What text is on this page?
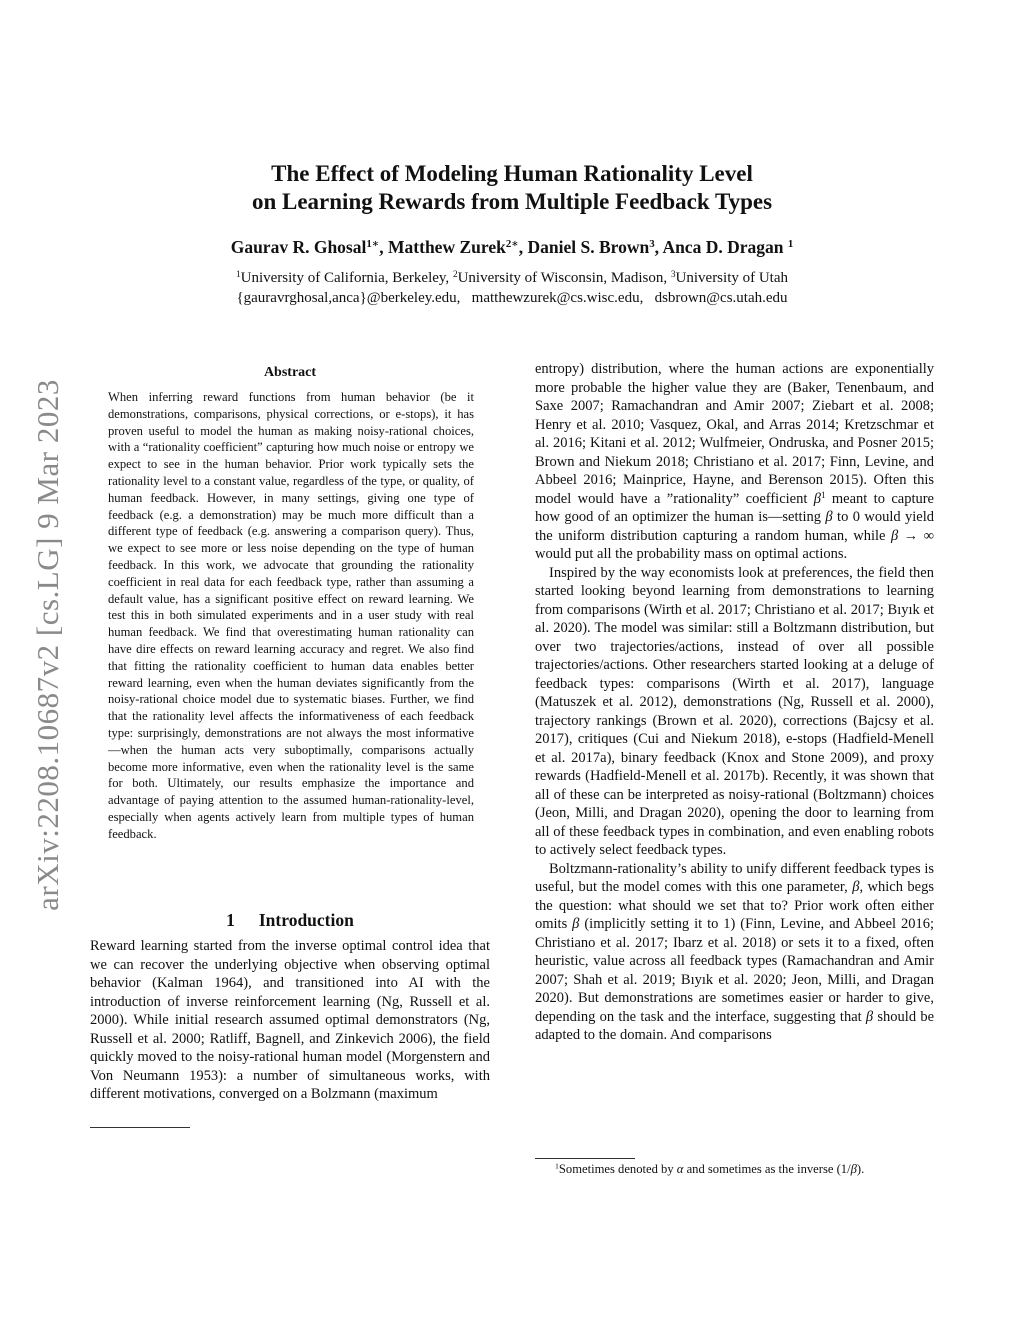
arXiv:2208.10687v2 [cs.LG] 9 Mar 2023
The Effect of Modeling Human Rationality Level
on Learning Rewards from Multiple Feedback Types
Gaurav R. Ghosal$^{1∗}$, Matthew Zurek$^{2∗}$, Daniel S. Brown$^3$, Anca D. Dragan $^1$
$^1$University of California, Berkeley, $^2$University of Wisconsin, Madison, $^3$University of Utah
{gauravrghosal,anca}@berkeley.edu,   matthewzurek@cs.wisc.edu,   dsbrown@cs.utah.edu
Abstract
When inferring reward functions from human behavior (be it demonstrations, comparisons, physical corrections, or e-stops), it has proven useful to model the human as making noisy-rational choices, with a “rationality coefficient” capturing how much noise or entropy we expect to see in the human behavior. Prior work typically sets the rationality level to a constant value, regardless of the type, or quality, of human feedback. However, in many settings, giving one type of feedback (e.g. a demonstration) may be much more difficult than a different type of feedback (e.g. answering a comparison query). Thus, we expect to see more or less noise depending on the type of human feedback. In this work, we advocate that grounding the rationality coefficient in real data for each feedback type, rather than assuming a default value, has a significant positive effect on reward learning. We test this in both simulated experiments and in a user study with real human feedback. We find that overestimating human rationality can have dire effects on reward learning accuracy and regret. We also find that fitting the rationality coefficient to human data enables better reward learning, even when the human deviates significantly from the noisy-rational choice model due to systematic biases. Further, we find that the rationality level affects the informativeness of each feedback type: surprisingly, demonstrations are not always the most informative—when the human acts very suboptimally, comparisons actually become more informative, even when the rationality level is the same for both. Ultimately, our results emphasize the importance and advantage of paying attention to the assumed human-rationality-level, especially when agents actively learn from multiple types of human feedback.
1 Introduction
Reward learning started from the inverse optimal control idea that we can recover the underlying objective when observing optimal behavior (Kalman 1964), and transitioned into AI with the introduction of inverse reinforcement learning (Ng, Russell et al. 2000). While initial research assumed optimal demonstrators (Ng, Russell et al. 2000; Ratliff, Bagnell, and Zinkevich 2006), the field quickly moved to the noisy-rational human model (Morgenstern and Von Neumann 1953): a number of simultaneous works, with different motivations, converged on a Bolzmann (maximum

entropy) distribution, where the human actions are exponentially more probable the higher value they are (Baker, Tenenbaum, and Saxe 2007; Ramachandran and Amir 2007; Ziebart et al. 2008; Henry et al. 2010; Vasquez, Okal, and Arras 2014; Kretzschmar et al. 2016; Kitani et al. 2012; Wulfmeier, Ondruska, and Posner 2015; Brown and Niekum 2018; Christiano et al. 2017; Finn, Levine, and Abbeel 2016; Mainprice, Hayne, and Berenson 2015). Often this model would have a ”rationality” coefficient $\beta^1$ meant to capture how good of an optimizer the human is—setting β to 0 would yield the uniform distribution capturing a random human, while β → ∞ would put all the probability mass on optimal actions.

Inspired by the way economists look at preferences, the field then started looking beyond learning from demonstrations to learning from comparisons (Wirth et al. 2017; Christiano et al. 2017; Bıyık et al. 2020). The model was similar: still a Boltzmann distribution, but over two trajectories/actions, instead of over all possible trajectories/actions. Other researchers started looking at a deluge of feedback types: comparisons (Wirth et al. 2017), language (Matuszek et al. 2012), demonstrations (Ng, Russell et al. 2000), trajectory rankings (Brown et al. 2020), corrections (Bajcsy et al. 2017), critiques (Cui and Niekum 2018), e-stops (Hadfield-Menell et al. 2017a), binary feedback (Knox and Stone 2009), and proxy rewards (Hadfield-Menell et al. 2017b). Recently, it was shown that all of these can be interpreted as noisy-rational (Boltzmann) choices (Jeon, Milli, and Dragan 2020), opening the door to learning from all of these feedback types in combination, and even enabling robots to actively select feedback types.

Boltzmann-rationality’s ability to unify different feedback types is useful, but the model comes with this one parameter, β, which begs the question: what should we set that to? Prior work often either omits β (implicitly setting it to 1) (Finn, Levine, and Abbeel 2016; Christiano et al. 2017; Ibarz et al. 2018) or sets it to a fixed, often heuristic, value across all feedback types (Ramachandran and Amir 2007; Shah et al. 2019; Bıyık et al. 2020; Jeon, Milli, and Dragan 2020). But demonstrations are sometimes easier or harder to give, depending on the task and the interface, suggesting that β should be adapted to the domain. And comparisons

$^1$Sometimes denoted by α and sometimes as the inverse (1/β).
